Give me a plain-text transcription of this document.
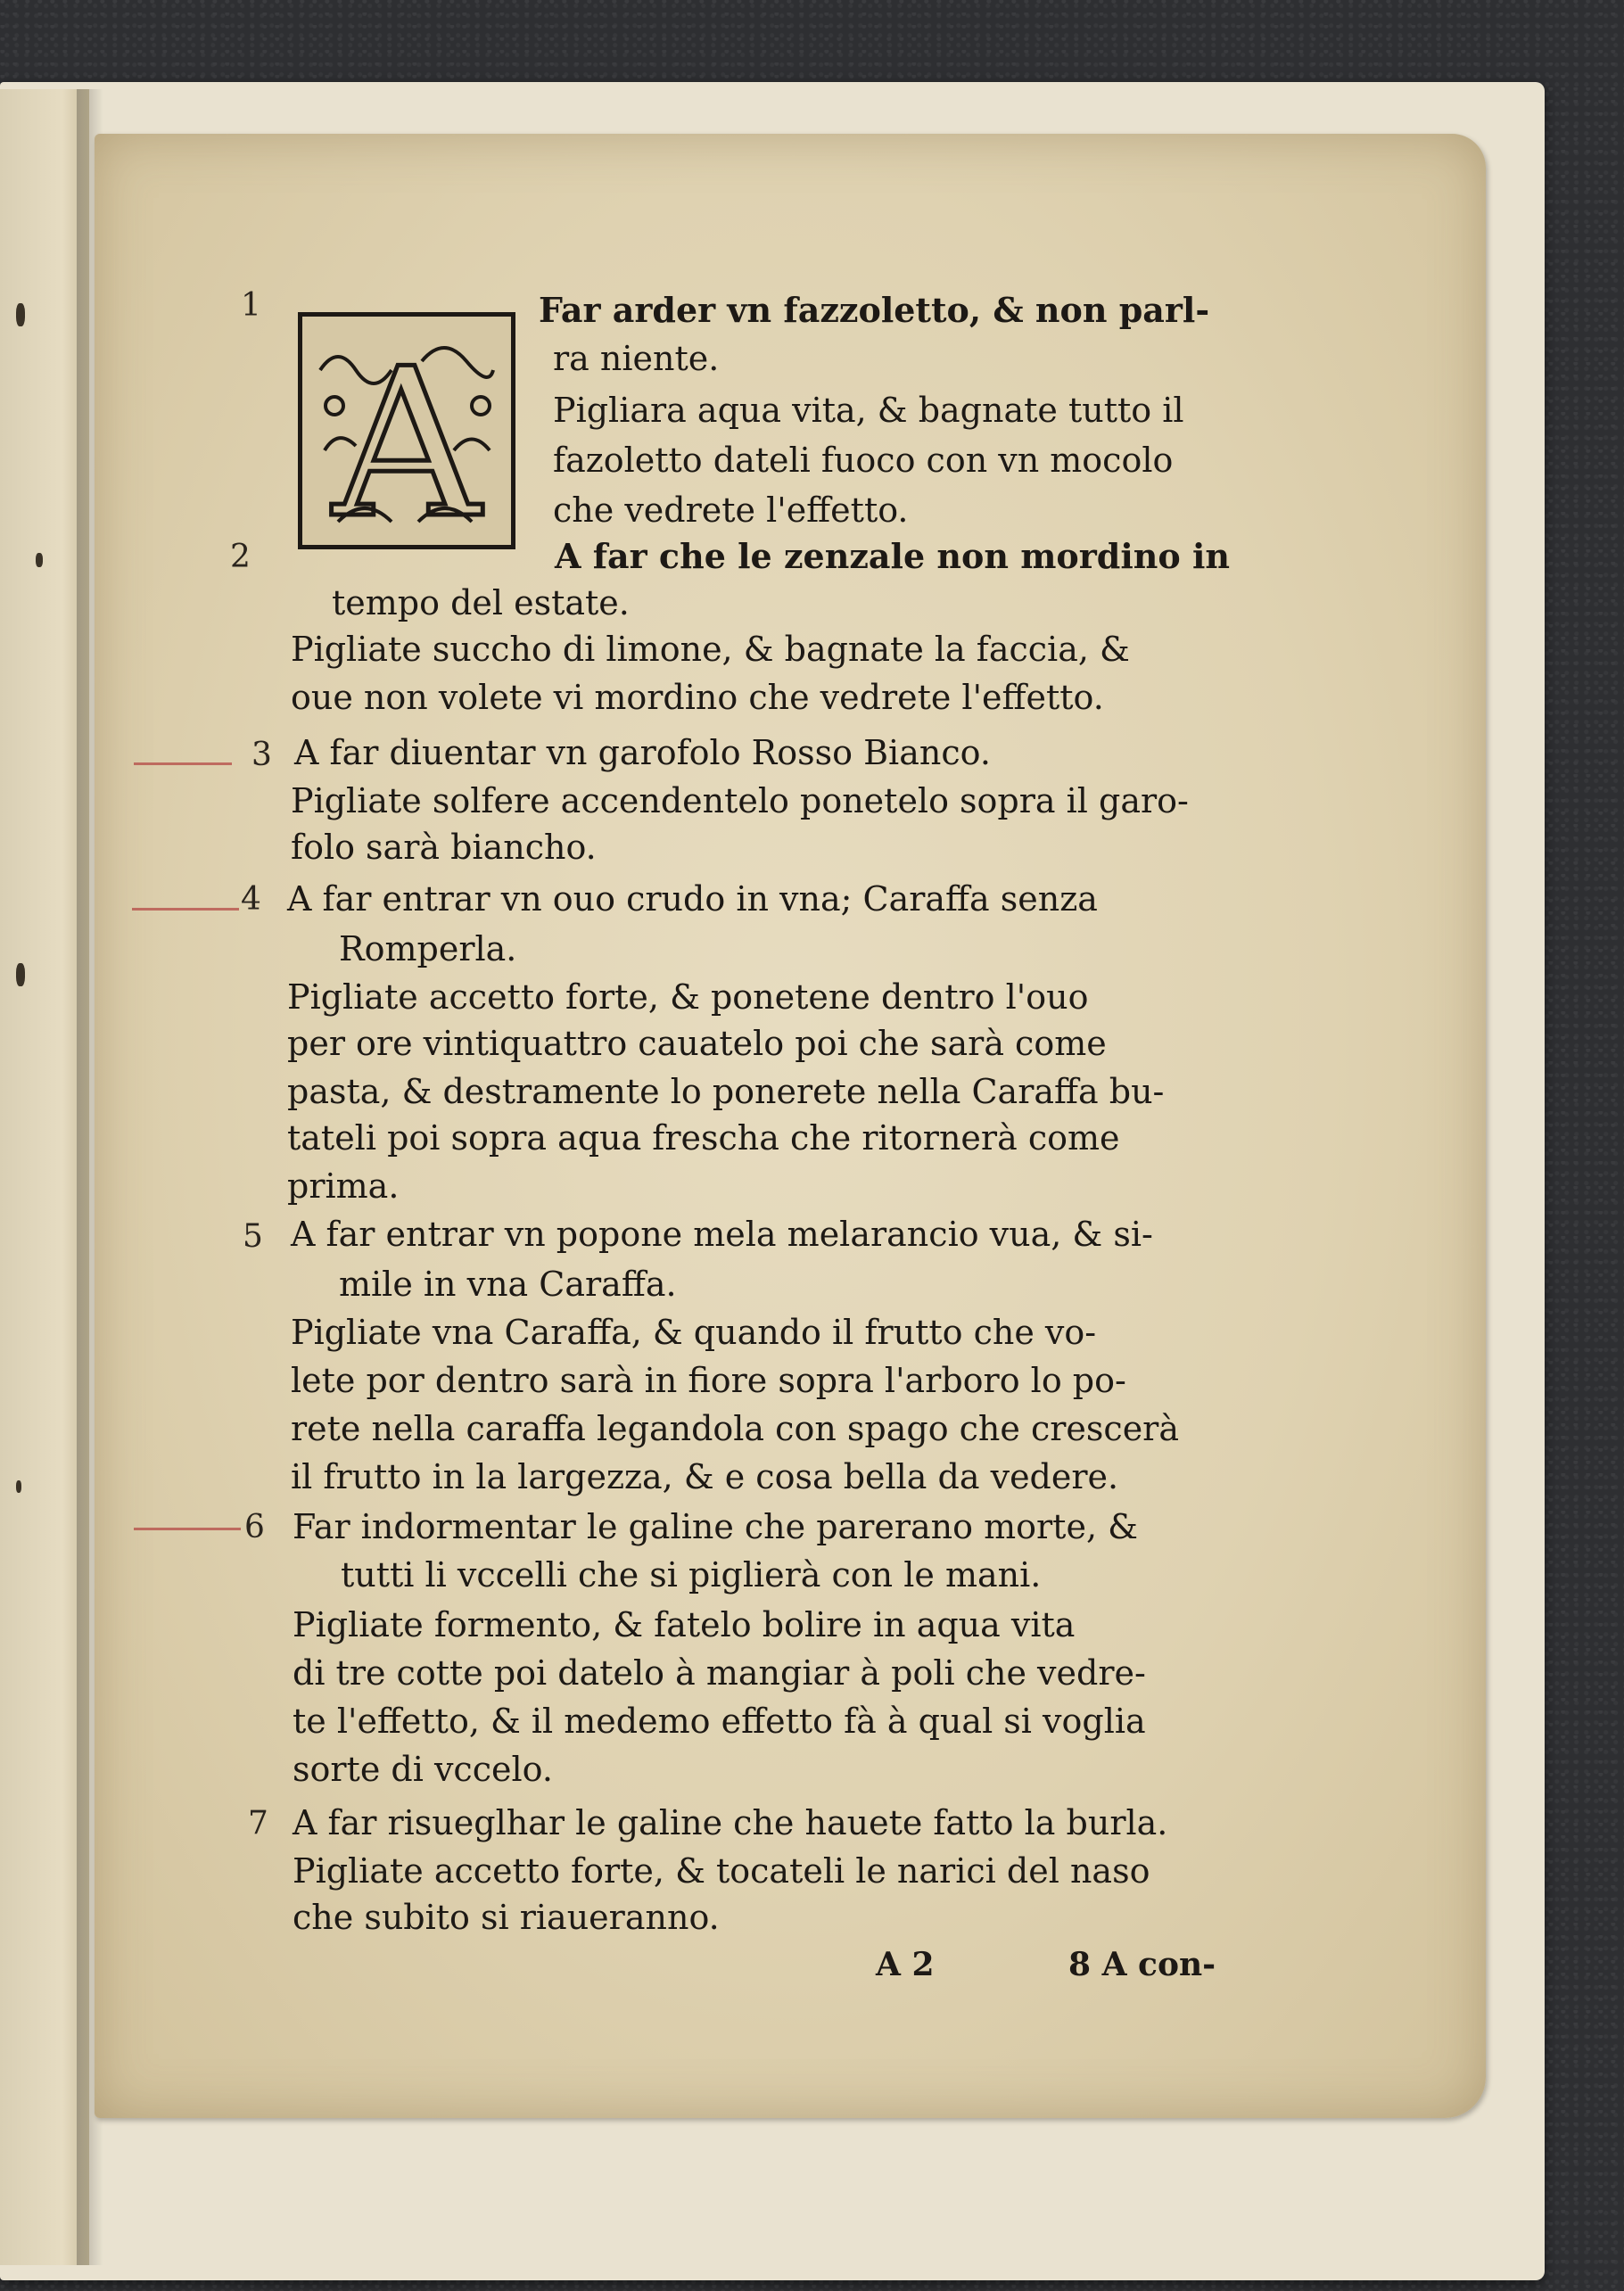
A
1	Far arder vn fazzoletto, & non parl-
ra niente.
Pigliara aqua vita, & bagnate tutto il
fazoletto dateli fuoco con vn mocolo
che vedrete l'effetto.
2	A far che le zenzale non mordino in
tempo del estate.
Pigliate succho di limone, & bagnate la faccia, &
oue non volete vi mordino che vedrete l'effetto.
3 A far diuentar vn garofolo Rosso Bianco.
Pigliate solfere accendentelo ponetelo sopra il garo-
folo sarà biancho.
4 A far entrar vn ouo crudo in vna; Caraffa senza
Romperla.
Pigliate accetto forte, & ponetene dentro l'ouo
per ore vintiquattro cauatelo poi che sarà come
pasta, & destramente lo ponerete nella Caraffa bu-
tateli poi sopra aqua frescha che ritornerà come
prima.
5 A far entrar vn popone mela melarancio vua, & si-
mile in vna Caraffa.
Pigliate vna Caraffa, & quando il frutto che vo-
lete por dentro sarà in fiore sopra l'arboro lo po-
rete nella caraffa legandola con spago che crescerà
il frutto in la largezza, & e cosa bella da vedere.
6 Far indormentar le galine che parerano morte, &
tutti li vccelli che si piglierà con le mani.
Pigliate formento, & fatelo bolire in aqua vita
di tre cotte poi datelo à mangiar à poli che vedre-
te l'effetto, & il medemo effetto fà à qual si voglia
sorte di vccelo.
7 A far risueglhar le galine che hauete fatto la burla.
Pigliate accetto forte, & tocateli le narici del naso
che subito si riaueranno.
A 2	8 A con-
